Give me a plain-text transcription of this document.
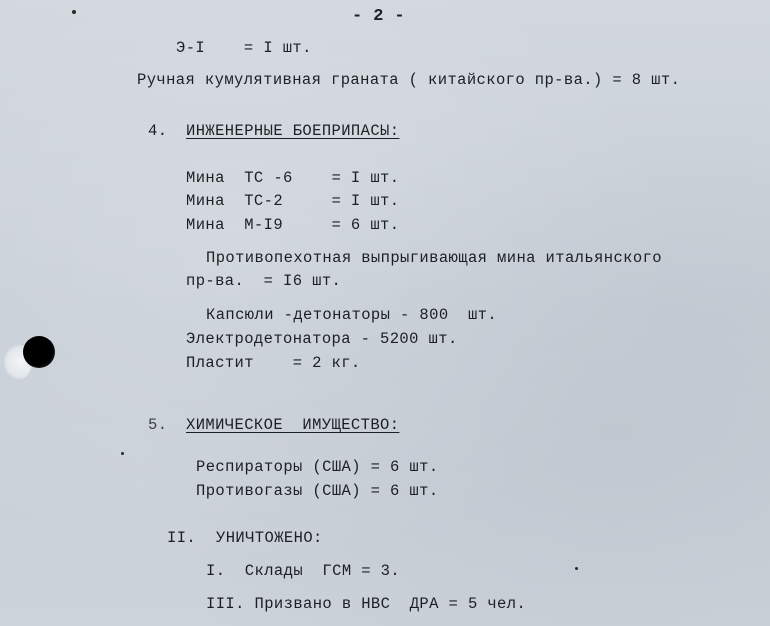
- 2 -
Э-I    = I шт.
Ручная кумулятивная граната ( китайского пр-ва.) = 8 шт.
4. ИНЖЕНЕРНЫЕ БОЕПРИПАСЫ:
Мина  ТС -6    = I шт.
Мина  ТС-2     = I шт.
Мина  М-I9     = 6 шт.
Противопехотная выпрыгивающая мина итальянского
пр-ва.  = I6 шт.
Капсюли -детонаторы - 800  шт.
Электродетонатора - 5200 шт.
Пластит    = 2 кг.
5. ХИМИЧЕСКОЕ  ИМУЩЕСТВО:
Респираторы (США) = 6 шт.
Противогазы (США) = 6 шт.
II. УНИЧТОЖЕНО:
I.  Склады  ГСМ = 3.
III. Призвано в НВС  ДРА = 5 чел.
